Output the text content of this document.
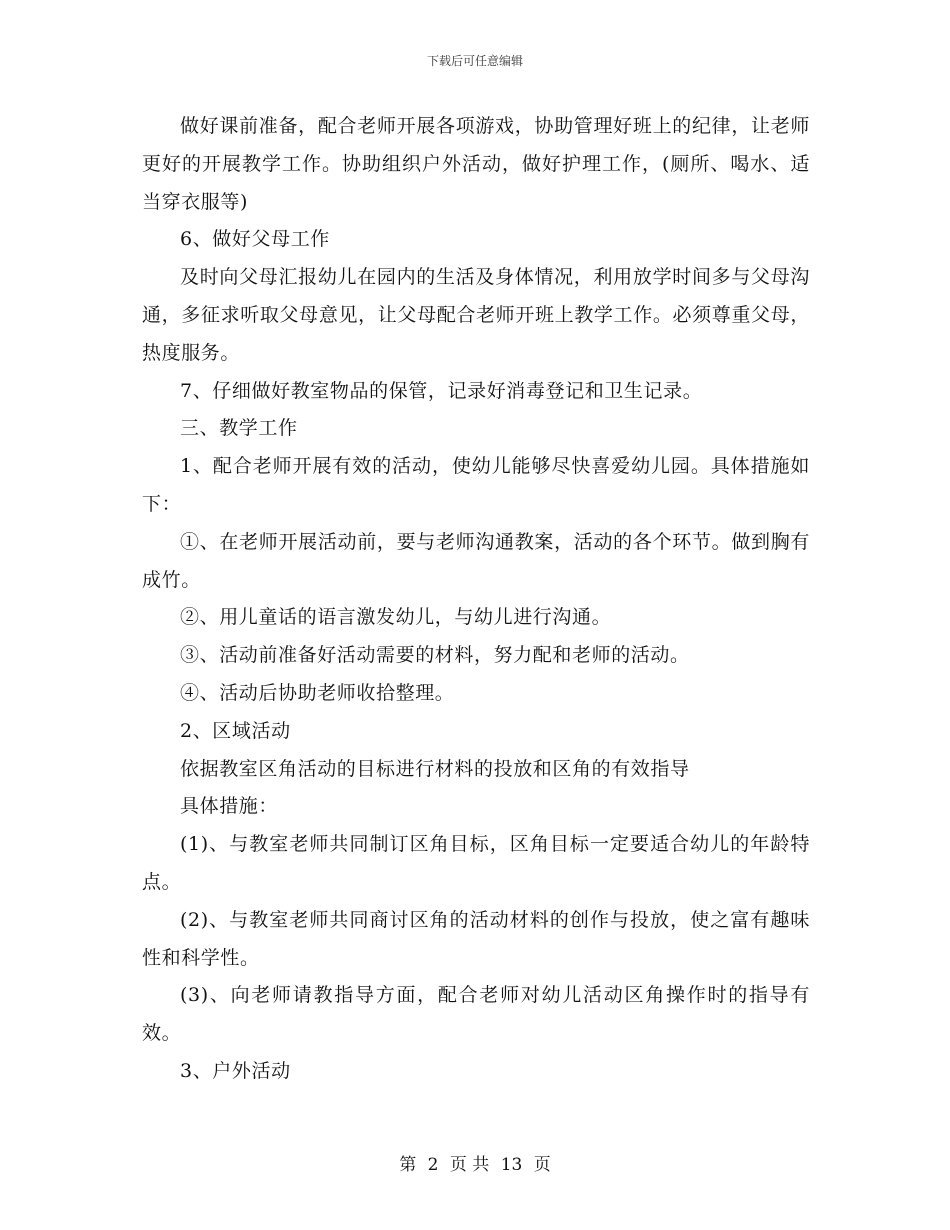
下载后可任意编辑

做好课前准备，配合老师开展各项游戏，协助管理好班上的纪律，让老师更好的开展教学工作。协助组织户外活动，做好护理工作，(厕所、喝水、适当穿衣服等)

6、做好父母工作

及时向父母汇报幼儿在园内的生活及身体情况，利用放学时间多与父母沟通，多征求听取父母意见，让父母配合老师开班上教学工作。必须尊重父母，热度服务。

7、仔细做好教室物品的保管，记录好消毒登记和卫生记录。

三、教学工作

1、配合老师开展有效的活动，使幼儿能够尽快喜爱幼儿园。具体措施如下：

①、在老师开展活动前，要与老师沟通教案，活动的各个环节。做到胸有成竹。

②、用儿童话的语言激发幼儿，与幼儿进行沟通。

③、活动前准备好活动需要的材料，努力配和老师的活动。

④、活动后协助老师收拾整理。

2、区域活动

依据教室区角活动的目标进行材料的投放和区角的有效指导

具体措施：

(1)、与教室老师共同制订区角目标，区角目标一定要适合幼儿的年龄特点。

(2)、与教室老师共同商讨区角的活动材料的创作与投放，使之富有趣味性和科学性。

(3)、向老师请教指导方面，配合老师对幼儿活动区角操作时的指导有效。

3、户外活动

第 2 页 共 13 页
